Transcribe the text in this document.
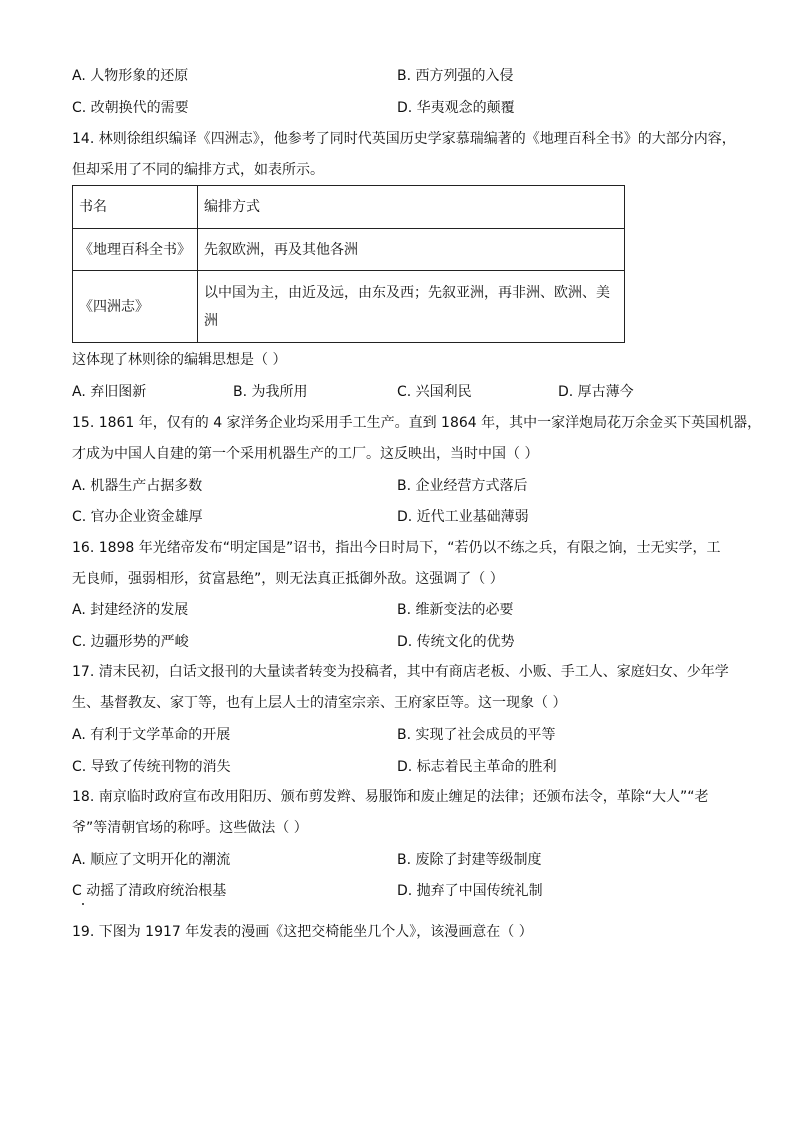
A. 人物形象的还原	B. 西方列强的入侵
C. 改朝换代的需要	D. 华夷观念的颠覆
14. 林则徐组织编译《四洲志》，他参考了同时代英国历史学家慕瑞编著的《地理百科全书》的大部分内容，
但却采用了不同的编排方式，如表所示。
书名	编排方式
《地理百科全书》	先叙欧洲，再及其他各洲
《四洲志》	以中国为主，由近及远，由东及西；先叙亚洲，再非洲、欧洲、美
洲
这体现了林则徐的编辑思想是（ ）
A. 弃旧图新	B. 为我所用	C. 兴国利民	D. 厚古薄今
15. 1861 年，仅有的 4 家洋务企业均采用手工生产。直到 1864 年，其中一家洋炮局花万余金买下英国机器，
才成为中国人自建的第一个采用机器生产的工厂。这反映出，当时中国（ ）
A. 机器生产占据多数	B. 企业经营方式落后
C. 官办企业资金雄厚	D. 近代工业基础薄弱
16. 1898 年光绪帝发布“明定国是”诏书，指出今日时局下，“若仍以不练之兵，有限之饷，士无实学，工
无良师，强弱相形，贫富悬绝”，则无法真正抵御外敌。这强调了（ ）
A. 封建经济的发展	B. 维新变法的必要
C. 边疆形势的严峻	D. 传统文化的优势
17. 清末民初，白话文报刊的大量读者转变为投稿者，其中有商店老板、小贩、手工人、家庭妇女、少年学
生、基督教友、家丁等，也有上层人士的清室宗亲、王府家臣等。这一现象（ ）
A. 有利于文学革命的开展	B. 实现了社会成员的平等
C. 导致了传统刊物的消失	D. 标志着民主革命的胜利
18. 南京临时政府宣布改用阳历、颁布剪发辫、易服饰和废止缠足的法律；还颁布法令，革除“大人”“老
爷”等清朝官场的称呼。这些做法（ ）
A. 顺应了文明开化的潮流	B. 废除了封建等级制度
C 动摇了清政府统治根基	D. 抛弃了中国传统礼制
19. 下图为 1917 年发表的漫画《这把交椅能坐几个人》，该漫画意在（ ）
